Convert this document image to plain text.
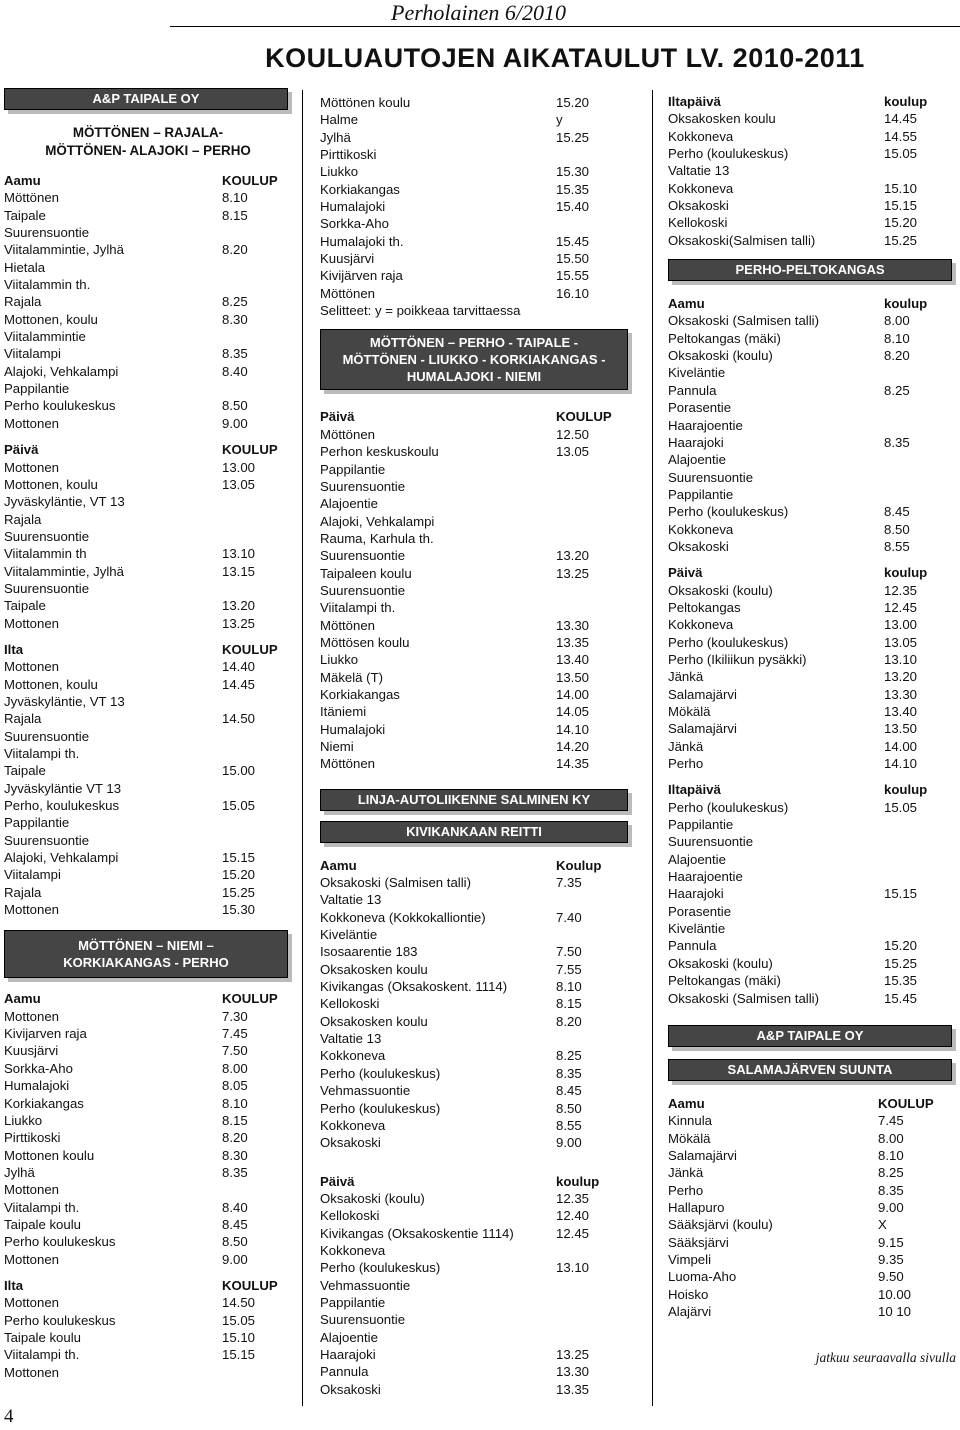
Perholainen 6/2010
KOULUAUTOJEN AIKATAULUT LV. 2010-2011
A&P TAIPALE OY
MÖTTÖNEN – RAJALA-
MÖTTÖNEN- ALAJOKI – PERHO
Aamu	KOULUP
Möttönen	8.10
Taipale	8.15
Suurensuontie
Viitalammintie, Jylhä	8.20
Hietala
Viitalammin th.
Rajala	8.25
Mottonen, koulu	8.30
Viitalammintie
Viitalampi	8.35
Alajoki, Vehkalampi	8.40
Pappilantie
Perho koulukeskus	8.50
Mottonen	9.00
Päivä	KOULUP
Mottonen	13.00
Mottonen, koulu	13.05
Jyväskyläntie, VT 13
Rajala
Suurensuontie
Viitalammin th	13.10
Viitalammintie, Jylhä	13.15
Suurensuontie
Taipale	13.20
Mottonen	13.25
Ilta	KOULUP
Mottonen	14.40
Mottonen, koulu	14.45
Jyväskyläntie, VT 13
Rajala	14.50
Suurensuontie
Viitalampi th.
Taipale	15.00
Jyväskyläntie VT 13
Perho, koulukeskus	15.05
Pappilantie
Suurensuontie
Alajoki, Vehkalampi	15.15
Viitalampi	15.20
Rajala	15.25
Mottonen	15.30
MÖTTÖNEN – NIEMI –
KORKIAKANGAS - PERHO
Aamu	KOULUP
Mottonen	7.30
Kivijarven raja	7.45
Kuusjärvi	7.50
Sorkka-Aho	8.00
Humalajoki	8.05
Korkiakangas	8.10
Liukko	8.15
Pirttikoski	8.20
Mottonen koulu	8.30
Jylhä	8.35
Mottonen
Viitalampi th.	8.40
Taipale koulu	8.45
Perho koulukeskus	8.50
Mottonen	9.00
Ilta	KOULUP
Mottonen	14.50
Perho koulukeskus	15.05
Taipale koulu	15.10
Viitalampi th.	15.15
Mottonen
Möttönen koulu	15.20
Halme	y
Jylhä	15.25
Pirttikoski
Liukko	15.30
Korkiakangas	15.35
Humalajoki	15.40
Sorkka-Aho
Humalajoki th.	15.45
Kuusjärvi	15.50
Kivijärven raja	15.55
Möttönen	16.10
Selitteet: y = poikkeaa tarvittaessa
MÖTTÖNEN – PERHO - TAIPALE -
MÖTTÖNEN - LIUKKO - KORKIAKANGAS -
HUMALAJOKI - NIEMI
Päivä	KOULUP
Möttönen	12.50
Perhon keskuskoulu	13.05
Pappilantie
Suurensuontie
Alajoentie
Alajoki, Vehkalampi
Rauma, Karhula th.
Suurensuontie	13.20
Taipaleen koulu	13.25
Suurensuontie
Viitalampi th.
Möttönen	13.30
Möttösen koulu	13.35
Liukko	13.40
Mäkelä (T)	13.50
Korkiakangas	14.00
Itäniemi	14.05
Humalajoki	14.10
Niemi	14.20
Möttönen	14.35
LINJA-AUTOLIIKENNE SALMINEN KY
KIVIKANKAAN REITTI
Aamu	Koulup
Oksakoski (Salmisen talli)	7.35
Valtatie 13
Kokkoneva (Kokkokalliontie)	7.40
Kiveläntie
Isosaarentie 183	7.50
Oksakosken koulu	7.55
Kivikangas (Oksakoskent. 1114)	8.10
Kellokoski	8.15
Oksakosken koulu	8.20
Valtatie 13
Kokkoneva	8.25
Perho (koulukeskus)	8.35
Vehmassuontie	8.45
Perho (koulukeskus)	8.50
Kokkoneva	8.55
Oksakoski	9.00
Päivä	koulup
Oksakoski (koulu)	12.35
Kellokoski	12.40
Kivikangas (Oksakoskentie 1114)	12.45
Kokkoneva
Perho (koulukeskus)	13.10
Vehmassuontie
Pappilantie
Suurensuontie
Alajoentie
Haarajoki	13.25
Pannula	13.30
Oksakoski	13.35
Iltapäivä	koulup
Oksakosken koulu	14.45
Kokkoneva	14.55
Perho (koulukeskus)	15.05
Valtatie 13
Kokkoneva	15.10
Oksakoski	15.15
Kellokoski	15.20
Oksakoski(Salmisen talli)	15.25
PERHO-PELTOKANGAS
Aamu	koulup
Oksakoski (Salmisen talli)	8.00
Peltokangas (mäki)	8.10
Oksakoski (koulu)	8.20
Kiveläntie
Pannula	8.25
Porasentie
Haarajoentie
Haarajoki	8.35
Alajoentie
Suurensuontie
Pappilantie
Perho (koulukeskus)	8.45
Kokkoneva	8.50
Oksakoski	8.55
Päivä	koulup
Oksakoski (koulu)	12.35
Peltokangas	12.45
Kokkoneva	13.00
Perho (koulukeskus)	13.05
Perho (Ikiliikun pysäkki)	13.10
Jänkä	13.20
Salamajärvi	13.30
Mökälä	13.40
Salamajärvi	13.50
Jänkä	14.00
Perho	14.10
Iltapäivä	koulup
Perho (koulukeskus)	15.05
Pappilantie
Suurensuontie
Alajoentie
Haarajoentie
Haarajoki	15.15
Porasentie
Kiveläntie
Pannula	15.20
Oksakoski (koulu)	15.25
Peltokangas (mäki)	15.35
Oksakoski (Salmisen talli)	15.45
A&P TAIPALE OY
SALAMAJÄRVEN SUUNTA
Aamu	KOULUP
Kinnula	7.45
Mökälä	8.00
Salamajärvi	8.10
Jänkä	8.25
Perho	8.35
Hallapuro	9.00
Sääksjärvi (koulu)	X
Sääksjärvi	9.15
Vimpeli	9.35
Luoma-Aho	9.50
Hoisko	10.00
Alajärvi	10 10
jatkuu seuraavalla sivulla
4
